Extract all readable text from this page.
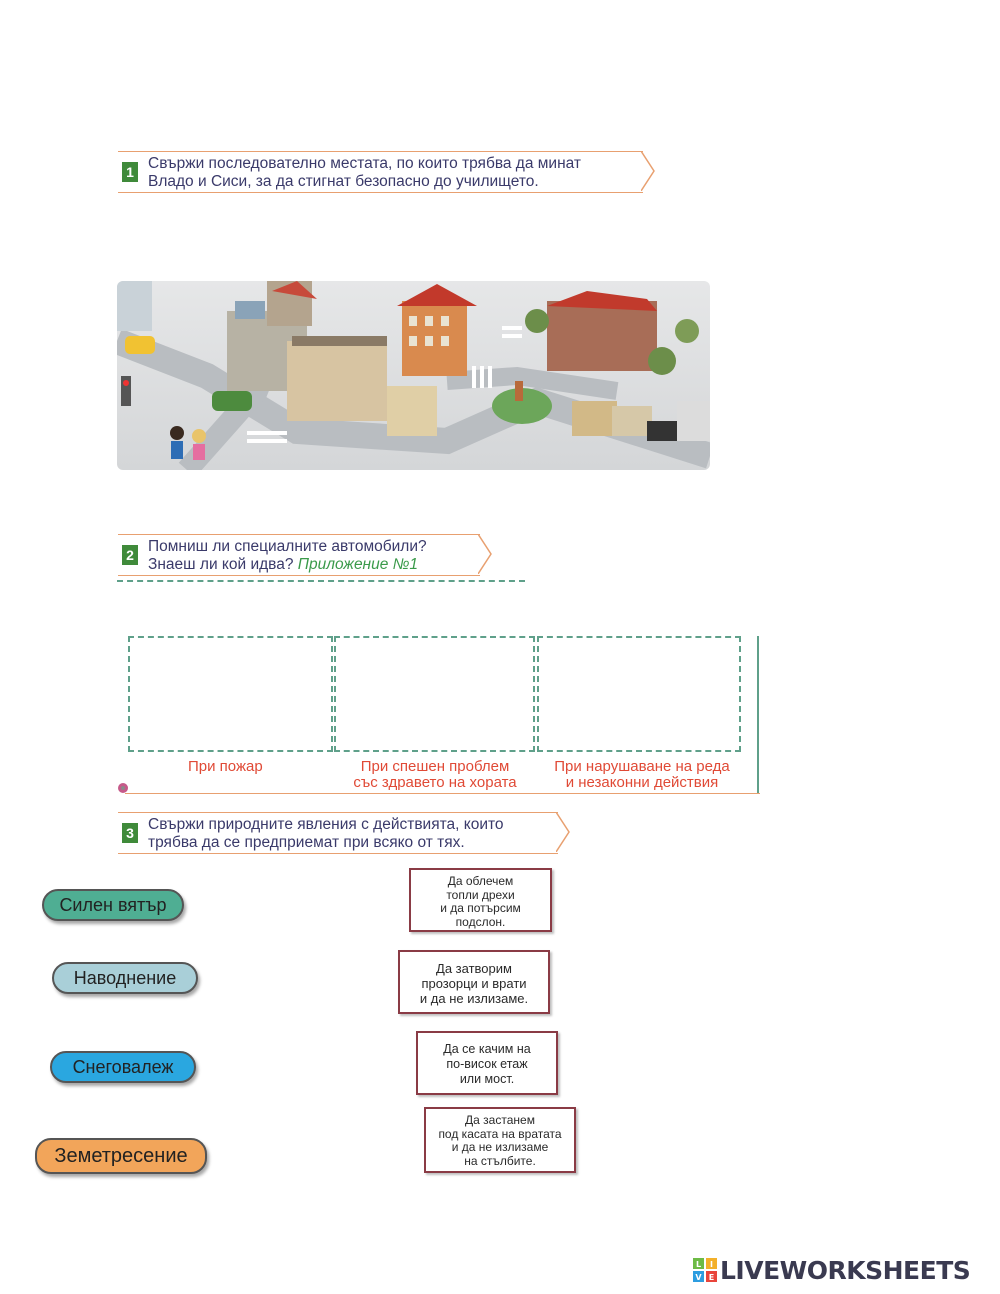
1 Свържи последователно местата, по които трябва да минат
Владо и Сиси, за да стигнат безопасно до училището.
2 Помниш ли специалните автомобили?
Знаеш ли кой идва? Приложение №1
При пожар	При спешен проблем
със здравето на хората
При нарушаване на реда
и незаконни действия
3 Свържи природните явления с действията, които
трябва да се предприемат при всяко от тях.
Силен вятър
Наводнение
Снеговалеж
Земетресение
Да облечем
топли дрехи
и да потърсим
подслон.
Да затворим
прозорци и врати
и да не излизаме.
Да се качим на
по-висок етаж
или мост.
Да застанем
под касата на вратата
и да не излизаме
на стълбите.
L I
V E LIVEWORKSHEETS
